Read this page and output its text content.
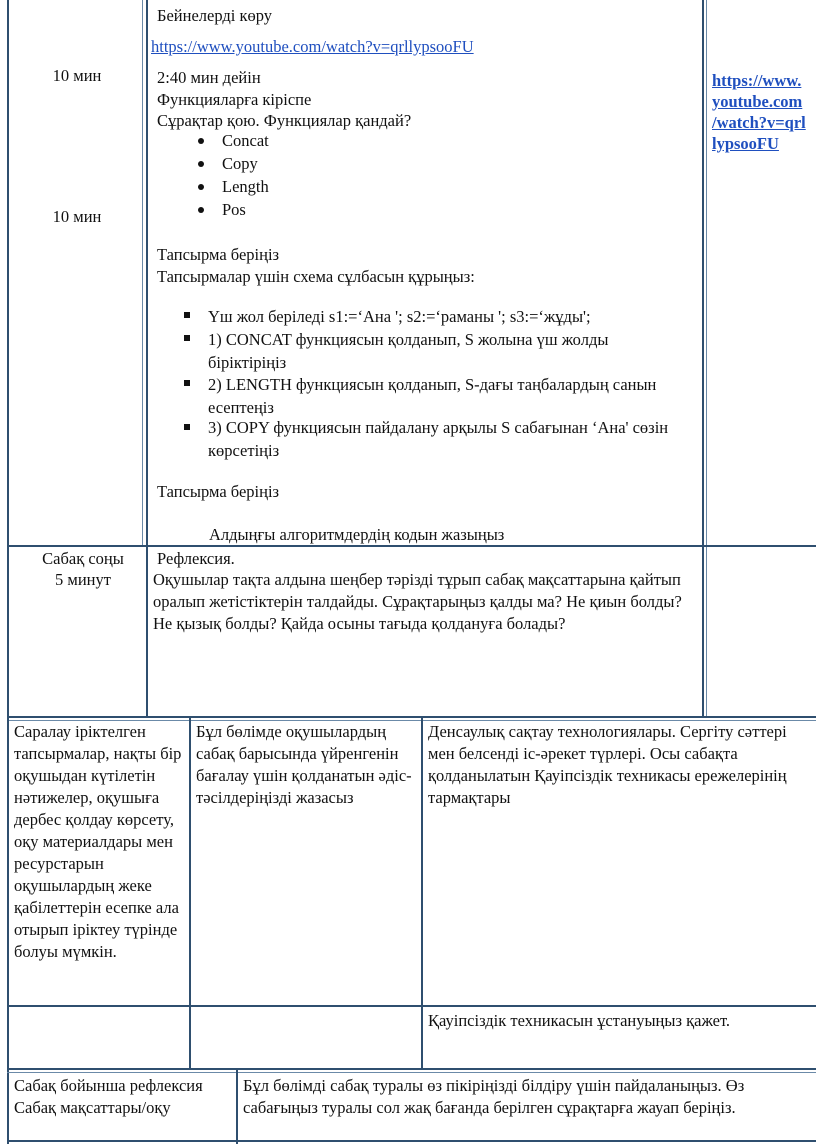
10 мин
10 мин
Бейнелерді көру
https://www.youtube.com/watch?v=qrllypsooFU
2:40 мин дейін
Функцияларға кіріспе
Сұрақтар қою. Функциялар қандай?
Concat
Copy
Length
Pos
Тапсырма беріңіз
Тапсырмалар үшін схема сұлбасын құрыңыз:
Үш жол беріледі s1:=‘Ана '; s2:=‘раманы '; s3:=‘жұды';
1) CONCAT функциясын қолданып, S жолына үш жолды біріктіріңіз
2) LENGTH функциясын қолданып, S-дағы таңбалардың санын есептеңіз
3) COPY функциясын пайдалану арқылы S сабағынан ‘Ана' сөзін көрсетіңіз
Тапсырма беріңіз
Алдыңғы алгоритмдердің кодын жазыңыз
https://www.
youtube.com
/watch?v=qrl
lypsooFU
Сабақ соңы
5 минут
Рефлексия.
Оқушылар тақта алдына шеңбер тәрізді тұрып сабақ мақсаттарына қайтып оралып жетістіктерін талдайды. Сұрақтарыңыз қалды ма? Не қиын болды? Не қызық болды? Қайда осыны тағыда қолдануға болады?
Саралау іріктелген тапсырмалар, нақты бір оқушыдан күтілетін нәтижелер, оқушыға дербес қолдау көрсету, оқу материалдары мен ресурстарын оқушылардың жеке қабілеттерін есепке ала отырып іріктеу түрінде болуы мүмкін.
Бұл бөлімде оқушылардың сабақ барысында үйренгенін бағалау үшін қолданатын әдіс-тәсілдеріңізді жазасыз
Денсаулық сақтау технологиялары. Сергіту сәттері мен белсенді іс-әрекет түрлері. Осы сабақта қолданылатын Қауіпсіздік техникасы ережелерінің тармақтары
Қауіпсіздік техникасын ұстануыңыз қажет.
Сабақ бойынша рефлексия Сабақ мақсаттары/оқу
Бұл бөлімді сабақ туралы өз пікіріңізді білдіру үшін пайдаланыңыз. Өз сабағыңыз туралы сол жақ бағанда берілген сұрақтарға жауап беріңіз.
